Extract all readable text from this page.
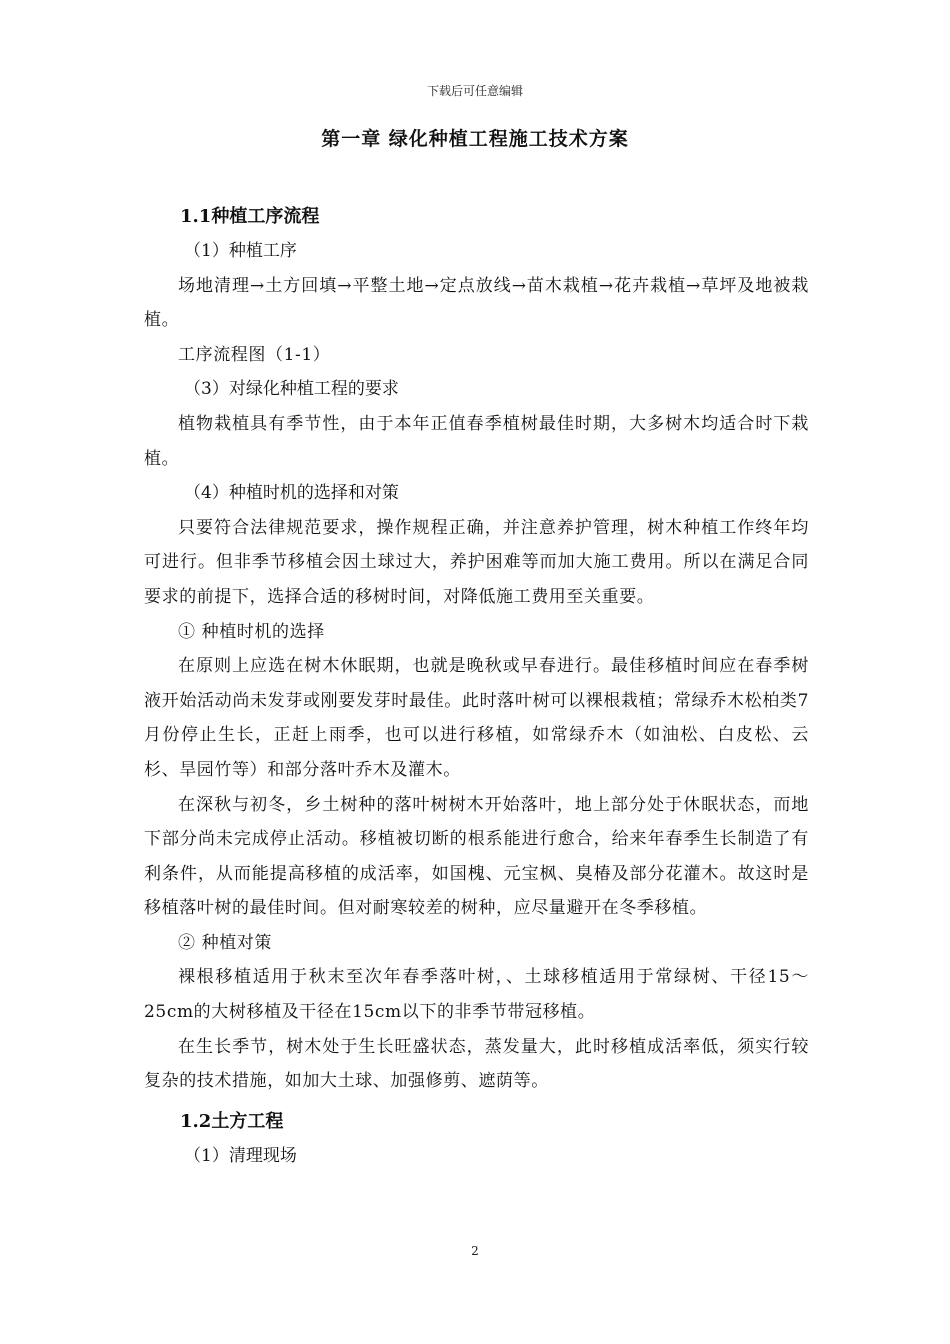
下载后可任意编辑
第一章 绿化种植工程施工技术方案

1.1种植工序流程

（1）种植工序

场地清理→土方回填→平整土地→定点放线→苗木栽植→花卉栽植→草坪及地被栽植。

工序流程图（1-1）

（3）对绿化种植工程的要求

植物栽植具有季节性，由于本年正值春季植树最佳时期，大多树木均适合时下栽植。

（4）种植时机的选择和对策

只要符合法律规范要求，操作规程正确，并注意养护管理，树木种植工作终年均可进行。但非季节移植会因土球过大，养护困难等而加大施工费用。所以在满足合同要求的前提下，选择合适的移树时间，对降低施工费用至关重要。

① 种植时机的选择

在原则上应选在树木休眠期，也就是晚秋或早春进行。最佳移植时间应在春季树液开始活动尚未发芽或刚要发芽时最佳。此时落叶树可以裸根栽植；常绿乔木松柏类7月份停止生长，正赶上雨季，也可以进行移植，如常绿乔木（如油松、白皮松、云杉、旱园竹等）和部分落叶乔木及灌木。

在深秋与初冬，乡土树种的落叶树树木开始落叶，地上部分处于休眠状态，而地下部分尚未完成停止活动。移植被切断的根系能进行愈合，给来年春季生长制造了有利条件，从而能提高移植的成活率，如国槐、元宝枫、臭椿及部分花灌木。故这时是移植落叶树的最佳时间。但对耐寒较差的树种，应尽量避开在冬季移植。

② 种植对策

裸根移植适用于秋末至次年春季落叶树，、土球移植适用于常绿树、干径15～25cm的大树移植及干径在15cm以下的非季节带冠移植。

在生长季节，树木处于生长旺盛状态，蒸发量大，此时移植成活率低，须实行较复杂的技术措施，如加大土球、加强修剪、遮荫等。

1.2土方工程

（1）清理现场

2
